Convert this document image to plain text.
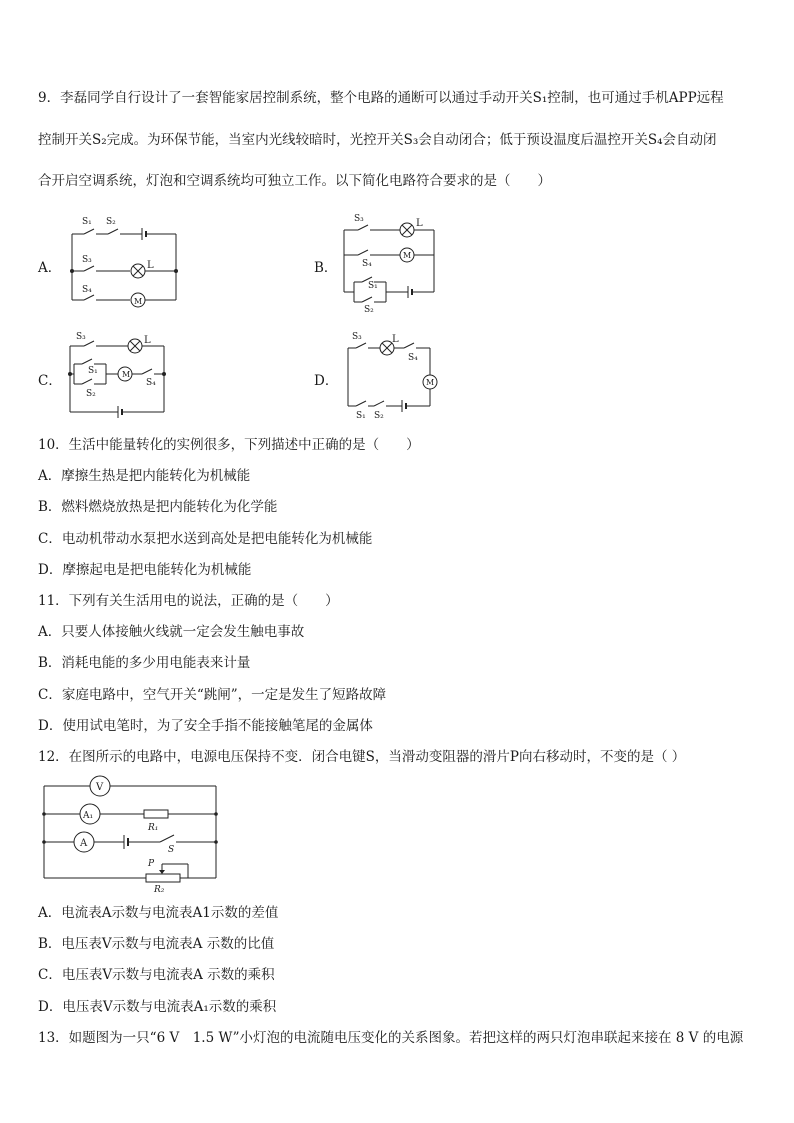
9．李磊同学自行设计了一套智能家居控制系统，整个电路的通断可以通过手动开关S₁控制，也可通过手机APP远程
控制开关S₂完成。为环保节能，当室内光线较暗时，光控开关S₃会自动闭合；低于预设温度后温控开关S₄会自动闭
合开启空调系统，灯泡和空调系统均可独立工作。以下简化电路符合要求的是（　　）
A．
S₁ S₂
S₃	L
S₄
M
B．
S₃	L
S₄
M
S₁
S₂
C．
S₃	L
S₁	M
S₄
S₂
D．
S₃	L
S₄
M
S₁ S₂
10．生活中能量转化的实例很多，下列描述中正确的是（　　）
A．摩擦生热是把内能转化为机械能
B．燃料燃烧放热是把内能转化为化学能
C．电动机带动水泵把水送到高处是把电能转化为机械能
D．摩擦起电是把电能转化为机械能
11．下列有关生活用电的说法，正确的是（　　）
A．只要人体接触火线就一定会发生触电事故
B．消耗电能的多少用电能表来计量
C．家庭电路中，空气开关“跳闸”，一定是发生了短路故障
D．使用试电笔时，为了安全手指不能接触笔尾的金属体
12．在图所示的电路中，电源电压保持不变．闭合电键S，当滑动变阻器的滑片P向右移动时，不变的是（ ）
V
A₁
A
R₁
S
P
R₂
A．电流表A示数与电流表A1示数的差值
B．电压表V示数与电流表A 示数的比值
C．电压表V示数与电流表A 示数的乘积
D．电压表V示数与电流表A₁示数的乘积
13．如题图为一只“6 V　1.5 W”小灯泡的电流随电压变化的关系图象。若把这样的两只灯泡串联起来接在 8 V 的电源
